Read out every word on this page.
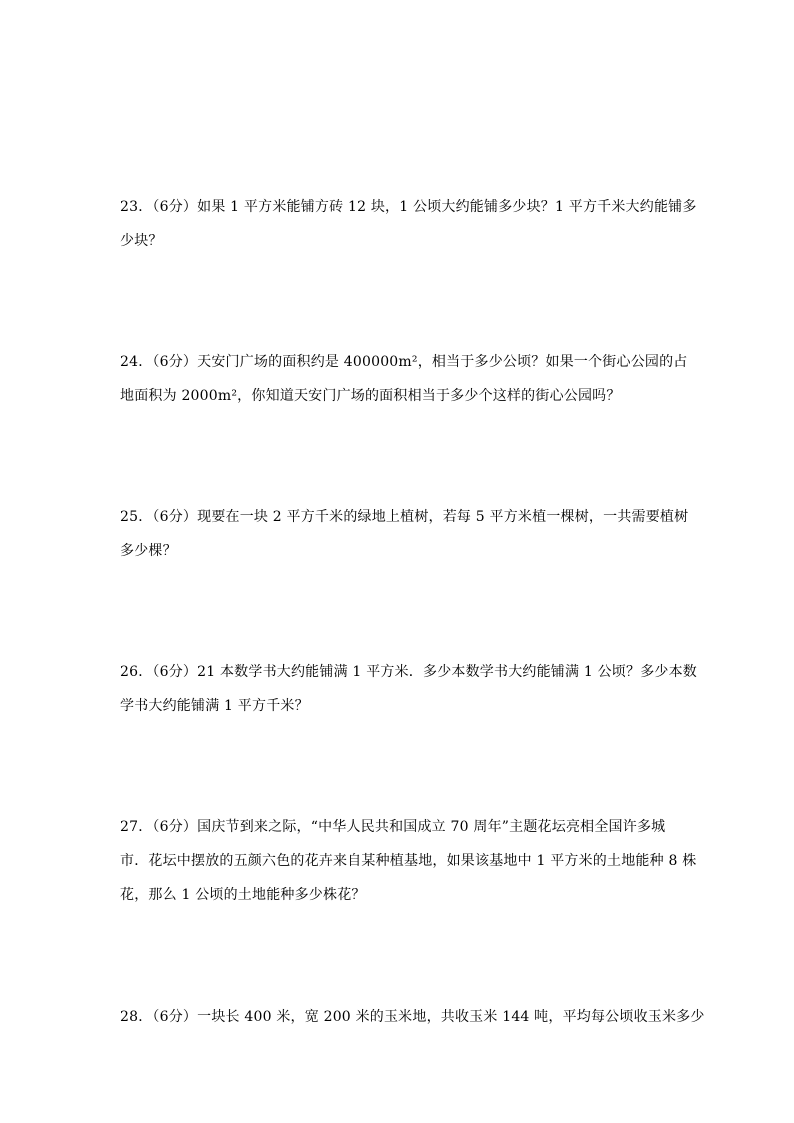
23．（6分）如果 1 平方米能铺方砖 12 块，1 公顷大约能铺多少块？1 平方千米大约能铺多
少块？
24．（6分）天安门广场的面积约是 400000m²，相当于多少公顷？如果一个街心公园的占
地面积为 2000m²，你知道天安门广场的面积相当于多少个这样的街心公园吗？
25．（6分）现要在一块 2 平方千米的绿地上植树，若每 5 平方米植一棵树，一共需要植树
多少棵？
26．（6分）21 本数学书大约能铺满 1 平方米．多少本数学书大约能铺满 1 公顷？多少本数
学书大约能铺满 1 平方千米？
27．（6分）国庆节到来之际，“中华人民共和国成立 70 周年”主题花坛亮相全国许多城
市．花坛中摆放的五颜六色的花卉来自某种植基地，如果该基地中 1 平方米的土地能种 8 株
花，那么 1 公顷的土地能种多少株花？
28．（6分）一块长 400 米，宽 200 米的玉米地，共收玉米 144 吨，平均每公顷收玉米多少
